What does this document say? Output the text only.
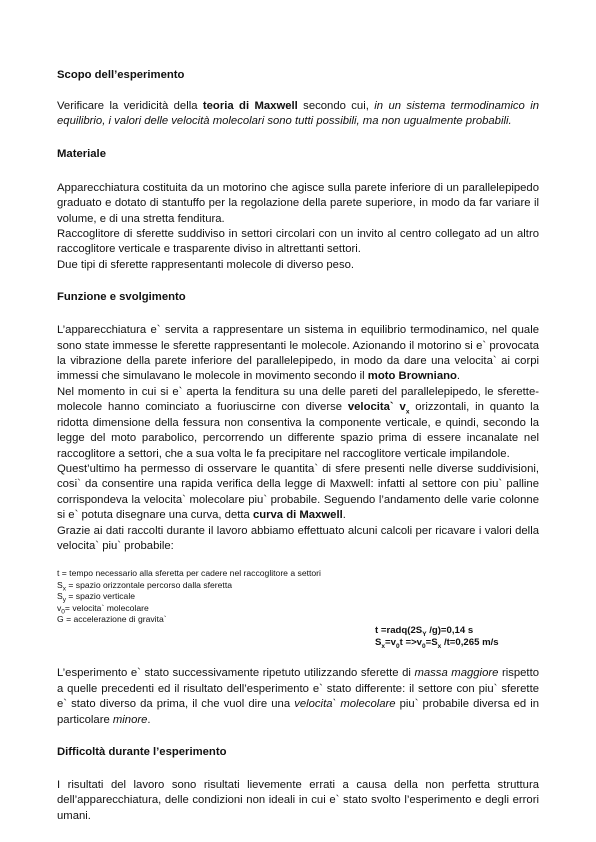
Scopo dell’esperimento

Verificare la veridicità della teoria di Maxwell secondo cui, in un sistema termodinamico in equilibrio, i valori delle velocità molecolari sono tutti possibili, ma non ugualmente probabili.

Materiale

Apparecchiatura costituita da un motorino che agisce sulla parete inferiore di un parallelepipedo graduato e dotato di stantuffo per la regolazione della parete superiore, in modo da far variare il volume, e di una stretta fenditura.

Raccoglitore di sferette suddiviso in settori circolari con un invito al centro collegato ad un altro raccoglitore verticale e trasparente diviso in altrettanti settori.

Due tipi di sferette rappresentanti molecole di diverso peso.

Funzione e svolgimento

L’apparecchiatura e` servita a rappresentare un sistema in equilibrio termodinamico, nel quale sono state immesse le sferette rappresentanti le molecole. Azionando il motorino si e` provocata la vibrazione della parete inferiore del parallelepipedo, in modo da dare una velocita` ai corpi immessi che simulavano le molecole in movimento secondo il moto Browniano.

Nel momento in cui si e` aperta la fenditura su una delle pareti del parallelepipedo, le sferette-molecole hanno cominciato a fuoriuscirne con diverse velocita` $v_x$ orizzontali, in quanto la ridotta dimensione della fessura non consentiva la componente verticale, e quindi, secondo la legge del moto parabolico, percorrendo un differente spazio prima di essere incanalate nel raccoglitore a settori, che a sua volta le fa precipitare nel raccoglitore verticale impilandole.

Quest’ultimo ha permesso di osservare le quantita` di sfere presenti nelle diverse suddivisioni, cosi` da consentire una rapida verifica della legge di Maxwell: infatti al settore con piu` palline corrispondeva la velocita` molecolare piu` probabile. Seguendo l’andamento delle varie colonne si e` potuta disegnare una curva, detta curva di Maxwell.

Grazie ai dati raccolti durante il lavoro abbiamo effettuato alcuni calcoli per ricavare i valori della velocita` piu` probabile:

t = tempo necessario alla sferetta per cadere nel raccoglitore a settori

$S_x$ = spazio orizzontale percorso dalla sferetta

$S_y$ = spazio verticale

$v_0=$ velocita` molecolare

G = accelerazione di gravita`

$t =radq(2S_Y$ /g)=0,14 s

$S_x=v_0t =>v_0=S_x$ /t=0,265 m/s

L’esperimento e` stato successivamente ripetuto utilizzando sferette di massa maggiore rispetto a quelle precedenti ed il risultato dell’esperimento e` stato differente: il settore con piu` sferette e` stato diverso da prima, il che vuol dire una velocita` molecolare piu` probabile diversa ed in particolare minore.

Difficoltà durante l’esperimento

I risultati del lavoro sono risultati lievemente errati a causa della non perfetta struttura dell’apparecchiatura, delle condizioni non ideali in cui e` stato svolto l’esperimento e degli errori umani.
